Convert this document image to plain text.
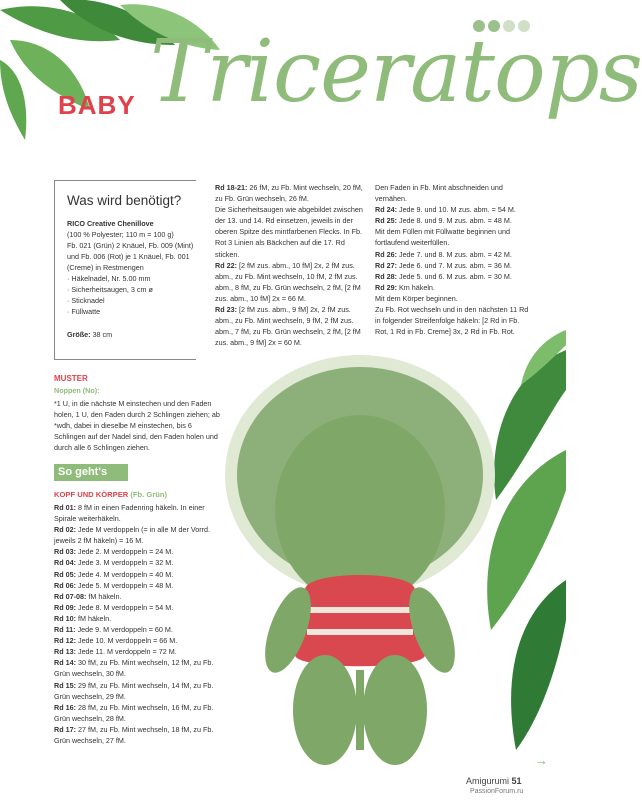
BABY Triceratops
Was wird benötigt?

RICO Creative Chenillove

(100 % Polyester; 110 m = 100 g)

Fb. 021 (Grün) 2 Knäuel, Fb. 009 (Mint)

und Fb. 006 (Rot) je 1 Knäuel, Fb. 001

(Creme) in Restmengen

· Häkelnadel, Nr. 5.00 mm
· Sicherheitsaugen, 3 cm ø
· Sticknadel
· Füllwatte

Größe: 38 cm

MUSTER
Noppen (No):
*1 U, in die nächste M einstechen und den Faden holen, 1 U, den Faden durch 2 Schlingen ziehen; ab *wdh, dabei in dieselbe M einstechen, bis 6 Schlingen auf der Nadel sind, den Faden holen und durch alle 6 Schlingen ziehen.
So geht's
KOPF UND KÖRPER (Fb. Grün)
Rd 01: 8 fM in einen Fadenring häkeln. In einer Spirale weiterhäkeln.
Rd 02: Jede M verdoppeln (= in alle M der Vorrd. jeweils 2 fM häkeln) = 16 M.
Rd 03: Jede 2. M verdoppeln = 24 M.
Rd 04: Jede 3. M verdoppeln = 32 M.
Rd 05: Jede 4. M verdoppeln = 40 M.
Rd 06: Jede 5. M verdoppeln = 48 M.
Rd 07-08: fM häkeln.
Rd 09: Jede 8. M verdoppeln = 54 M.
Rd 10: fM häkeln.
Rd 11: Jede 9. M verdoppeln = 60 M.
Rd 12: Jede 10. M verdoppeln = 66 M.
Rd 13: Jede 11. M verdoppeln = 72 M.
Rd 14: 30 fM, zu Fb. Mint wechseln, 12 fM, zu Fb. Grün wechseln, 30 fM.
Rd 15: 29 fM, zu Fb. Mint wechseln, 14 fM, zu Fb. Grün wechseln, 29 fM.
Rd 16: 28 fM, zu Fb. Mint wechseln, 16 fM, zu Fb. Grün wechseln, 28 fM.
Rd 17: 27 fM, zu Fb. Mint wechseln, 18 fM, zu Fb. Grün wechseln, 27 fM.
Rd 18-21: 26 fM, zu Fb. Mint wechseln, 20 fM, zu Fb. Grün wechseln, 26 fM.
Die Sicherheitsaugen wie abgebildet zwischen der 13. und 14. Rd einsetzen, jeweils in der oberen Spitze des mintfarbenen Flecks. In Fb. Rot 3 Linien als Bäckchen auf die 17. Rd sticken.
Rd 22: [2 fM zus. abm., 10 fM] 2x, 2 fM zus. abm., zu Fb. Mint wechseln, 10 fM, 2 fM zus. abm., 8 fM, zu Fb. Grün wechseln, 2 fM, [2 fM zus. abm., 10 fM] 2x = 66 M.
Rd 23: [2 fM zus. abm., 9 fM] 2x, 2 fM zus. abm., zu Fb. Mint wechseln, 9 fM, 2 fM zus. abm., 7 fM, zu Fb. Grün wechseln, 2 fM, [2 fM zus. abm., 9 fM] 2x = 60 M.
Den Faden in Fb. Mint abschneiden und vernähen.
Rd 24: Jede 9. und 10. M zus. abm. = 54 M.
Rd 25: Jede 8. und 9. M zus. abm. = 48 M.
Mit dem Füllen mit Füllwatte beginnen und fortlaufend weiterfüllen.
Rd 26: Jede 7. und 8. M zus. abm. = 42 M.
Rd 27: Jede 6. und 7. M zus. abm. = 36 M.
Rd 28: Jede 5. und 6. M zus. abm. = 30 M.
Rd 29: Km häkeln.
Mit dem Körper beginnen.
Zu Fb. Rot wechseln und in den nächsten 11 Rd in folgender Streifenfolge häkeln: [2 Rd in Fb. Rot, 1 Rd in Fb. Creme] 3x, 2 Rd in Fb. Rot.
→
Amigurumi 51
PassionForum.ru
